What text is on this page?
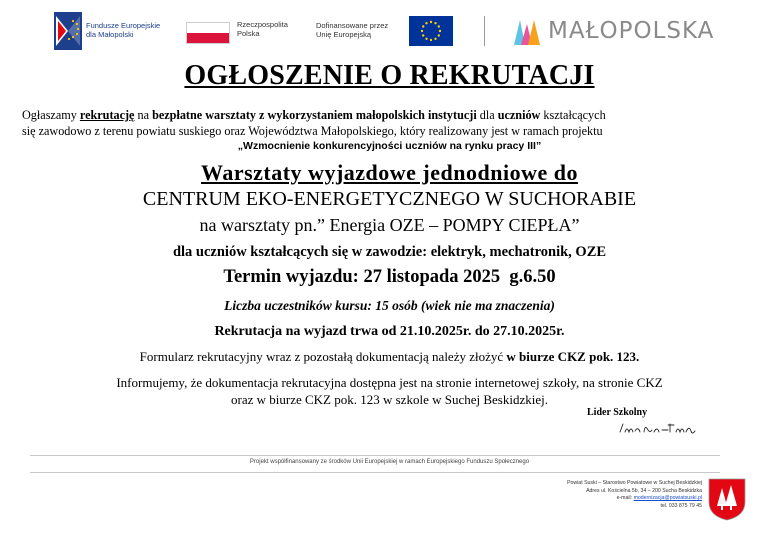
Fundusze Europejskie
dla Małopolski
Rzeczpospolita
Polska
Dofinansowane przez
Unię Europejską	MAŁOPOLSKA
OGŁOSZENIE O REKRUTACJI
Ogłaszamy rekrutację na bezpłatne warsztaty z wykorzystaniem małopolskich instytucji dla uczniów kształcących
się zawodowo z terenu powiatu suskiego oraz Województwa Małopolskiego, który realizowany jest w ramach projektu
„Wzmocnienie konkurencyjności uczniów na rynku pracy III”
Warsztaty wyjazdowe jednodniowe do
CENTRUM EKO-ENERGETYCZNEGO W SUCHORABIE
na warsztaty pn.” Energia OZE – POMPY CIEPŁA”
dla uczniów kształcących się w zawodzie: elektryk, mechatronik, OZE
Termin wyjazdu: 27 listopada 2025  g.6.50
Liczba uczestników kursu: 15 osób (wiek nie ma znaczenia)
Rekrutacja na wyjazd trwa od 21.10.2025r. do 27.10.2025r.
Formularz rekrutacyjny wraz z pozostałą dokumentacją należy złożyć w biurze CKZ pok. 123.
Informujemy, że dokumentacja rekrutacyjna dostępna jest na stronie internetowej szkoły, na stronie CKZ
oraz w biurze CKZ pok. 123 w szkole w Suchej Beskidzkiej.
Lider Szkolny
Projekt współfinansowany ze środków Unii Europejskiej w ramach Europejskiego Funduszu Społecznego
Powiat Suski – Starostwo Powiatowe w Suchej Beskidzkiej
Adres ul. Kościelna 5b, 34 – 200 Sucha Beskidzka
e-mail: modernizacja@powiatsuski.pl
tel. 033 875 79 45
